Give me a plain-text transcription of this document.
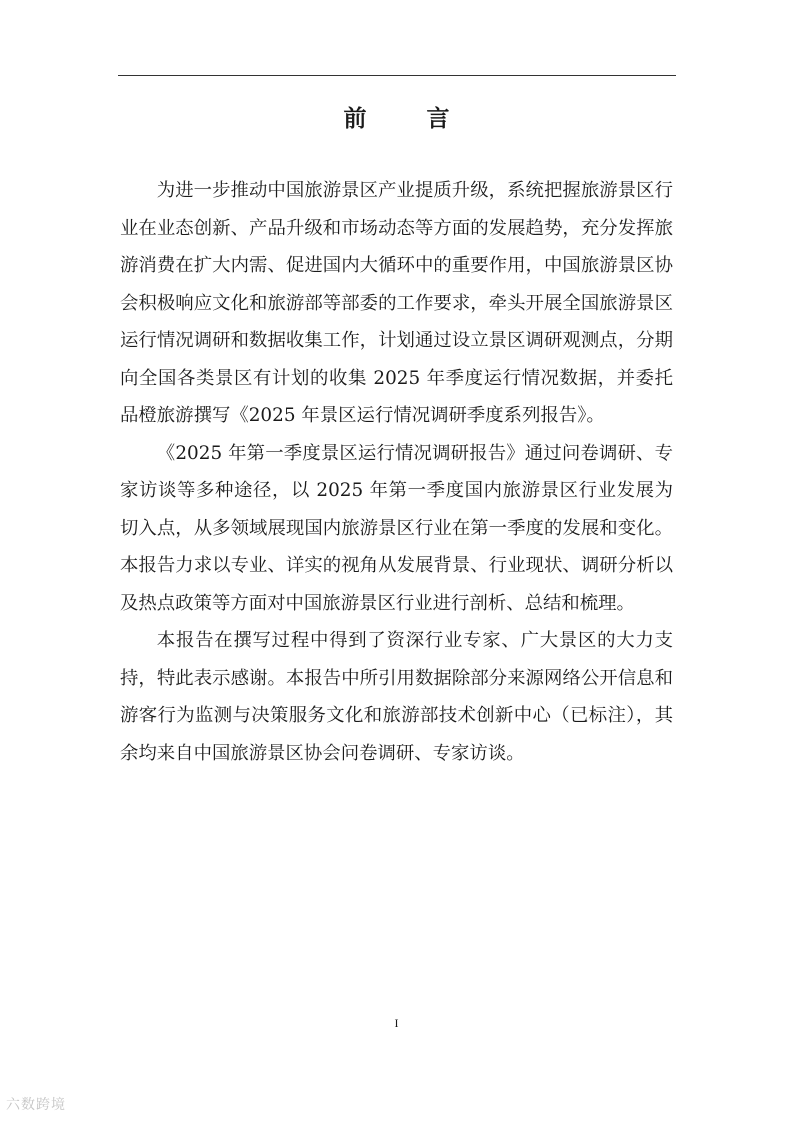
前 言

为进一步推动中国旅游景区产业提质升级，系统把握旅游景区行业在业态创新、产品升级和市场动态等方面的发展趋势，充分发挥旅游消费在扩大内需、促进国内大循环中的重要作用，中国旅游景区协会积极响应文化和旅游部等部委的工作要求，牵头开展全国旅游景区运行情况调研和数据收集工作，计划通过设立景区调研观测点，分期向全国各类景区有计划的收集 2025 年季度运行情况数据，并委托品橙旅游撰写《2025 年景区运行情况调研季度系列报告》。

《2025 年第一季度景区运行情况调研报告》通过问卷调研、专家访谈等多种途径，以 2025 年第一季度国内旅游景区行业发展为切入点，从多领域展现国内旅游景区行业在第一季度的发展和变化。本报告力求以专业、详实的视角从发展背景、行业现状、调研分析以及热点政策等方面对中国旅游景区行业进行剖析、总结和梳理。

本报告在撰写过程中得到了资深行业专家、广大景区的大力支持，特此表示感谢。本报告中所引用数据除部分来源网络公开信息和游客行为监测与决策服务文化和旅游部技术创新中心（已标注），其余均来自中国旅游景区协会问卷调研、专家访谈。

I
六数跨境
